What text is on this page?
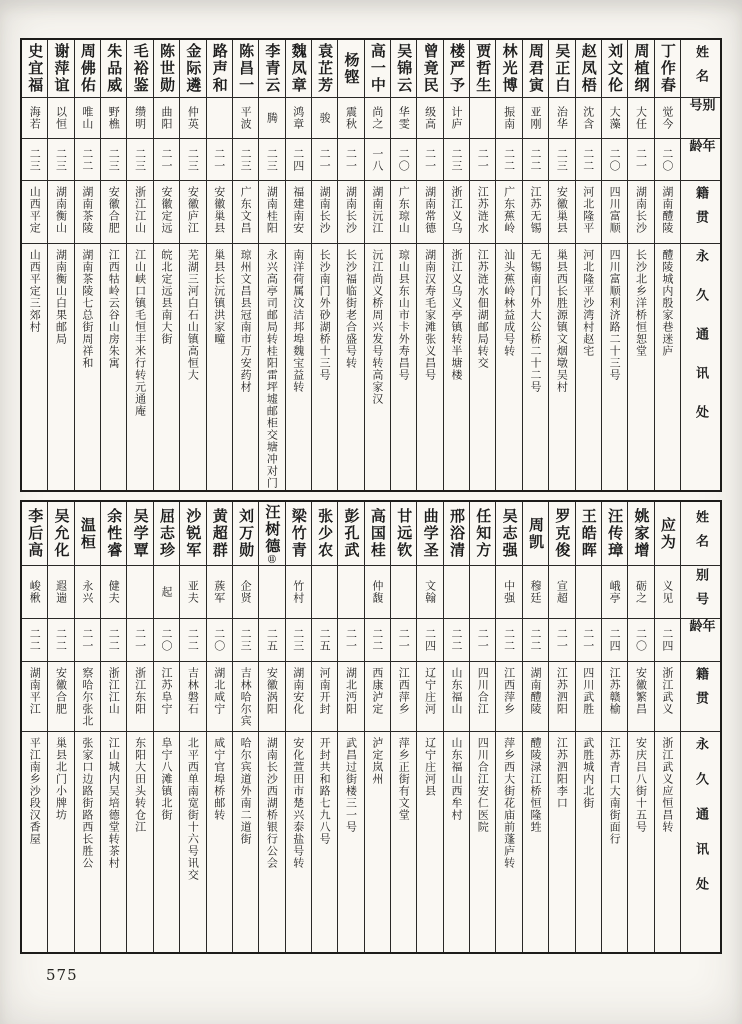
姓名
别号
年龄
籍贯
永久通讯处
丁作春
觉今
二〇
湖南醴陵
醴陵城内殷家巷迷庐
周植纲
大任
二一
湖南长沙
长沙北乡洋桥恒恕堂
刘文伦
大藻
二〇
四川富顺
四川富顺利济路二十三号
赵凤梧
沈含
二二
河北隆平
河北隆平沙湾村赵宅
吴正白
治华
二三
安徽巢县
巢县西长胜源镇文烟墩吴村
周君寅
亚刚
二二
江苏无锡
无锡南门外大公桥二十二号
林光博
振南
二二
广东蕉岭
汕头蕉岭林益成号转
贾哲生
二一
江苏涟水
江苏涟水佃湖邮局转交
楼严予
计庐
二三
浙江义乌
浙江义乌义亭镇转半塘楼
曾竟民
级高
二一
湖南常德
湖南汉寿毛家滩张义昌号
吴锦云
华雯
二〇
广东琼山
琼山县东山市卡外寿昌号
高一中
尚之
一八
湖南沅江
沅江尚义桥周兴发号转高家汉
杨铿
震秋
二一
湖南长沙
长沙福临街老合盛号转
袁芷芳
骏
二一
湖南长沙
长沙南门外砂湖桥十三号
魏凤章
鸿章
二四
福建南安
南洋荷属汶洁邦埠魏宝益转
李青云
腾
二三
湖南桂阳
永兴高亭司邮局转桂阳雷坪墟邮柜交塘冲对门
陈昌一
平波
二三
广东文昌
琼州文昌县冠南市万安药材
路声和
二一
安徽巢县
巢县长沅镇洪家疃
金际遴
仲英
二三
安徽庐江
芜湖三河白石山镇高恒大
陈世勋
曲阳
二一
安徽定远
皖北定远县南大街
毛裕鉴
缵明
二三
浙江江山
江山峡口镇毛恒丰米行转元通庵
朱品威
野樵
二三
安徽合肥
江西牯岭云谷山房朱寓
周佛佑
唯山
二二
湖南茶陵
湖南茶陵七总街周祥和
谢萍谊
以恒
二三
湖南衡山
湖南衡山白果邮局
史宜福
海若
二三
山西平定
山西平定三郊村
姓名
别号
年龄
籍贯
永久通讯处
应为
义见
二四
浙江武义
浙江武义应恒昌转
姚家增
砺之
二〇
安徽繁昌
安庆吕八街十五号
汪传璋
峨亭
二四
江苏赣榆
江苏青口大南街面行
王皓晖
二一
四川武胜
武胜城内北街
罗克俊
宣超
二一
江苏泗阳
江苏泗阳李口
周凯
穆廷
二二
湖南醴陵
醴陵渌江桥恒隆甡
吴志强
中强
二二
江西萍乡
萍乡西大街花庙前蓬庐转
任知方
二一
四川合江
四川合江安仁医院
邢浴清
二二
山东福山
山东福山西牟村
曲学圣
文翰
二四
辽宁庄河
辽宁庄河县
甘远钦
二一
江西萍乡
萍乡正街有文堂
高国桂
仲馥
二二
西康泸定
泸定岚州
彭孔武
二一
湖北沔阳
武昌过街楼三一号
张少农
二五
河南开封
开封共和路七九八号
梁竹青
竹村
二三
湖南安化
安化萱田市楚兴泰盐号转
汪树德⑪
二五
安徽涡阳
湖南长沙西湖桥银行公会
刘万勋
企贤
二三
吉林哈尔宾
哈尔宾道外南二道街
黄超群
蔟军
二〇
湖北咸宁
咸宁官埠桥邮转
沙锐军
亚夫
二二
吉林磐石
北平西单南宽街十六号讯交
屈志珍
起
二〇
江苏阜宁
阜宁八滩镇北街
吴学覃
二一
浙江东阳
东阳大田头转仓江
余性睿
健夫
二二
浙江江山
江山城内吴培德堂转茶村
温桓
永兴
二一
察哈尔张北
张家口边路街路西长胜公
吴允化
遐遄
二二
安徽合肥
巢县北门小牌坊
李后高
峻楸
二二
湖南平江
平江南乡沙段汉香屋
575
